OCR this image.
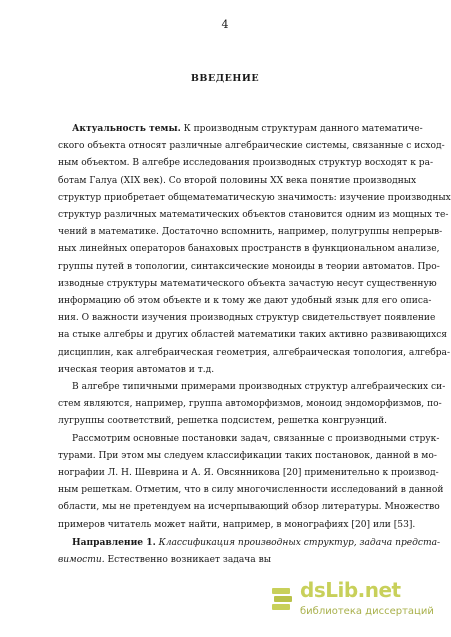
4
ВВЕДЕНИЕ
Актуальность темы. К производным структурам данного математиче-
ского объекта относят различные алгебраические системы, связанные с исход-
ным объектом. В алгебре исследования производных структур восходят к ра-
ботам Галуа (XIX век). Со второй половины XX века понятие производных
структур приобретает общематематическую значимость: изучение производных
структур различных математических объектов становится одним из мощных те-
чений в математике. Достаточно вспомнить, например, полугруппы непрерыв-
ных линейных операторов банаховых пространств в функциональном анализе,
группы путей в топологии, синтаксические моноиды в теории автоматов. Про-
изводные структуры математического объекта зачастую несут существенную
информацию об этом объекте и к тому же дают удобный язык для его описа-
ния. О важности изучения производных структур свидетельствует появление
на стыке алгебры и других областей математики таких активно развивающихся
дисциплин, как алгебраическая геометрия, алгебраическая топология, алгебра-
ическая теория автоматов и т.д.
В алгебре типичными примерами производных структур алгебраических си-
стем являются, например, группа автоморфизмов, моноид эндоморфизмов, по-
лугруппы соответствий, решетка подсистем, решетка конгруэнций.
Рассмотрим основные постановки задач, связанные с производными струк-
турами. При этом мы следуем классификации таких постановок, данной в мо-
нографии Л. Н. Шеврина и А. Я. Овсянникова [20] применительно к производ-
ным решеткам. Отметим, что в силу многочисленности исследований в данной
области, мы не претендуем на исчерпывающий обзор литературы. Множество
примеров читатель может найти, например, в монографиях [20] или [53].
Направление 1. Классификация производных структур, задача предста-
вимости. Естественно возникает задача вы
dsLib.net
библиотека диссертаций
